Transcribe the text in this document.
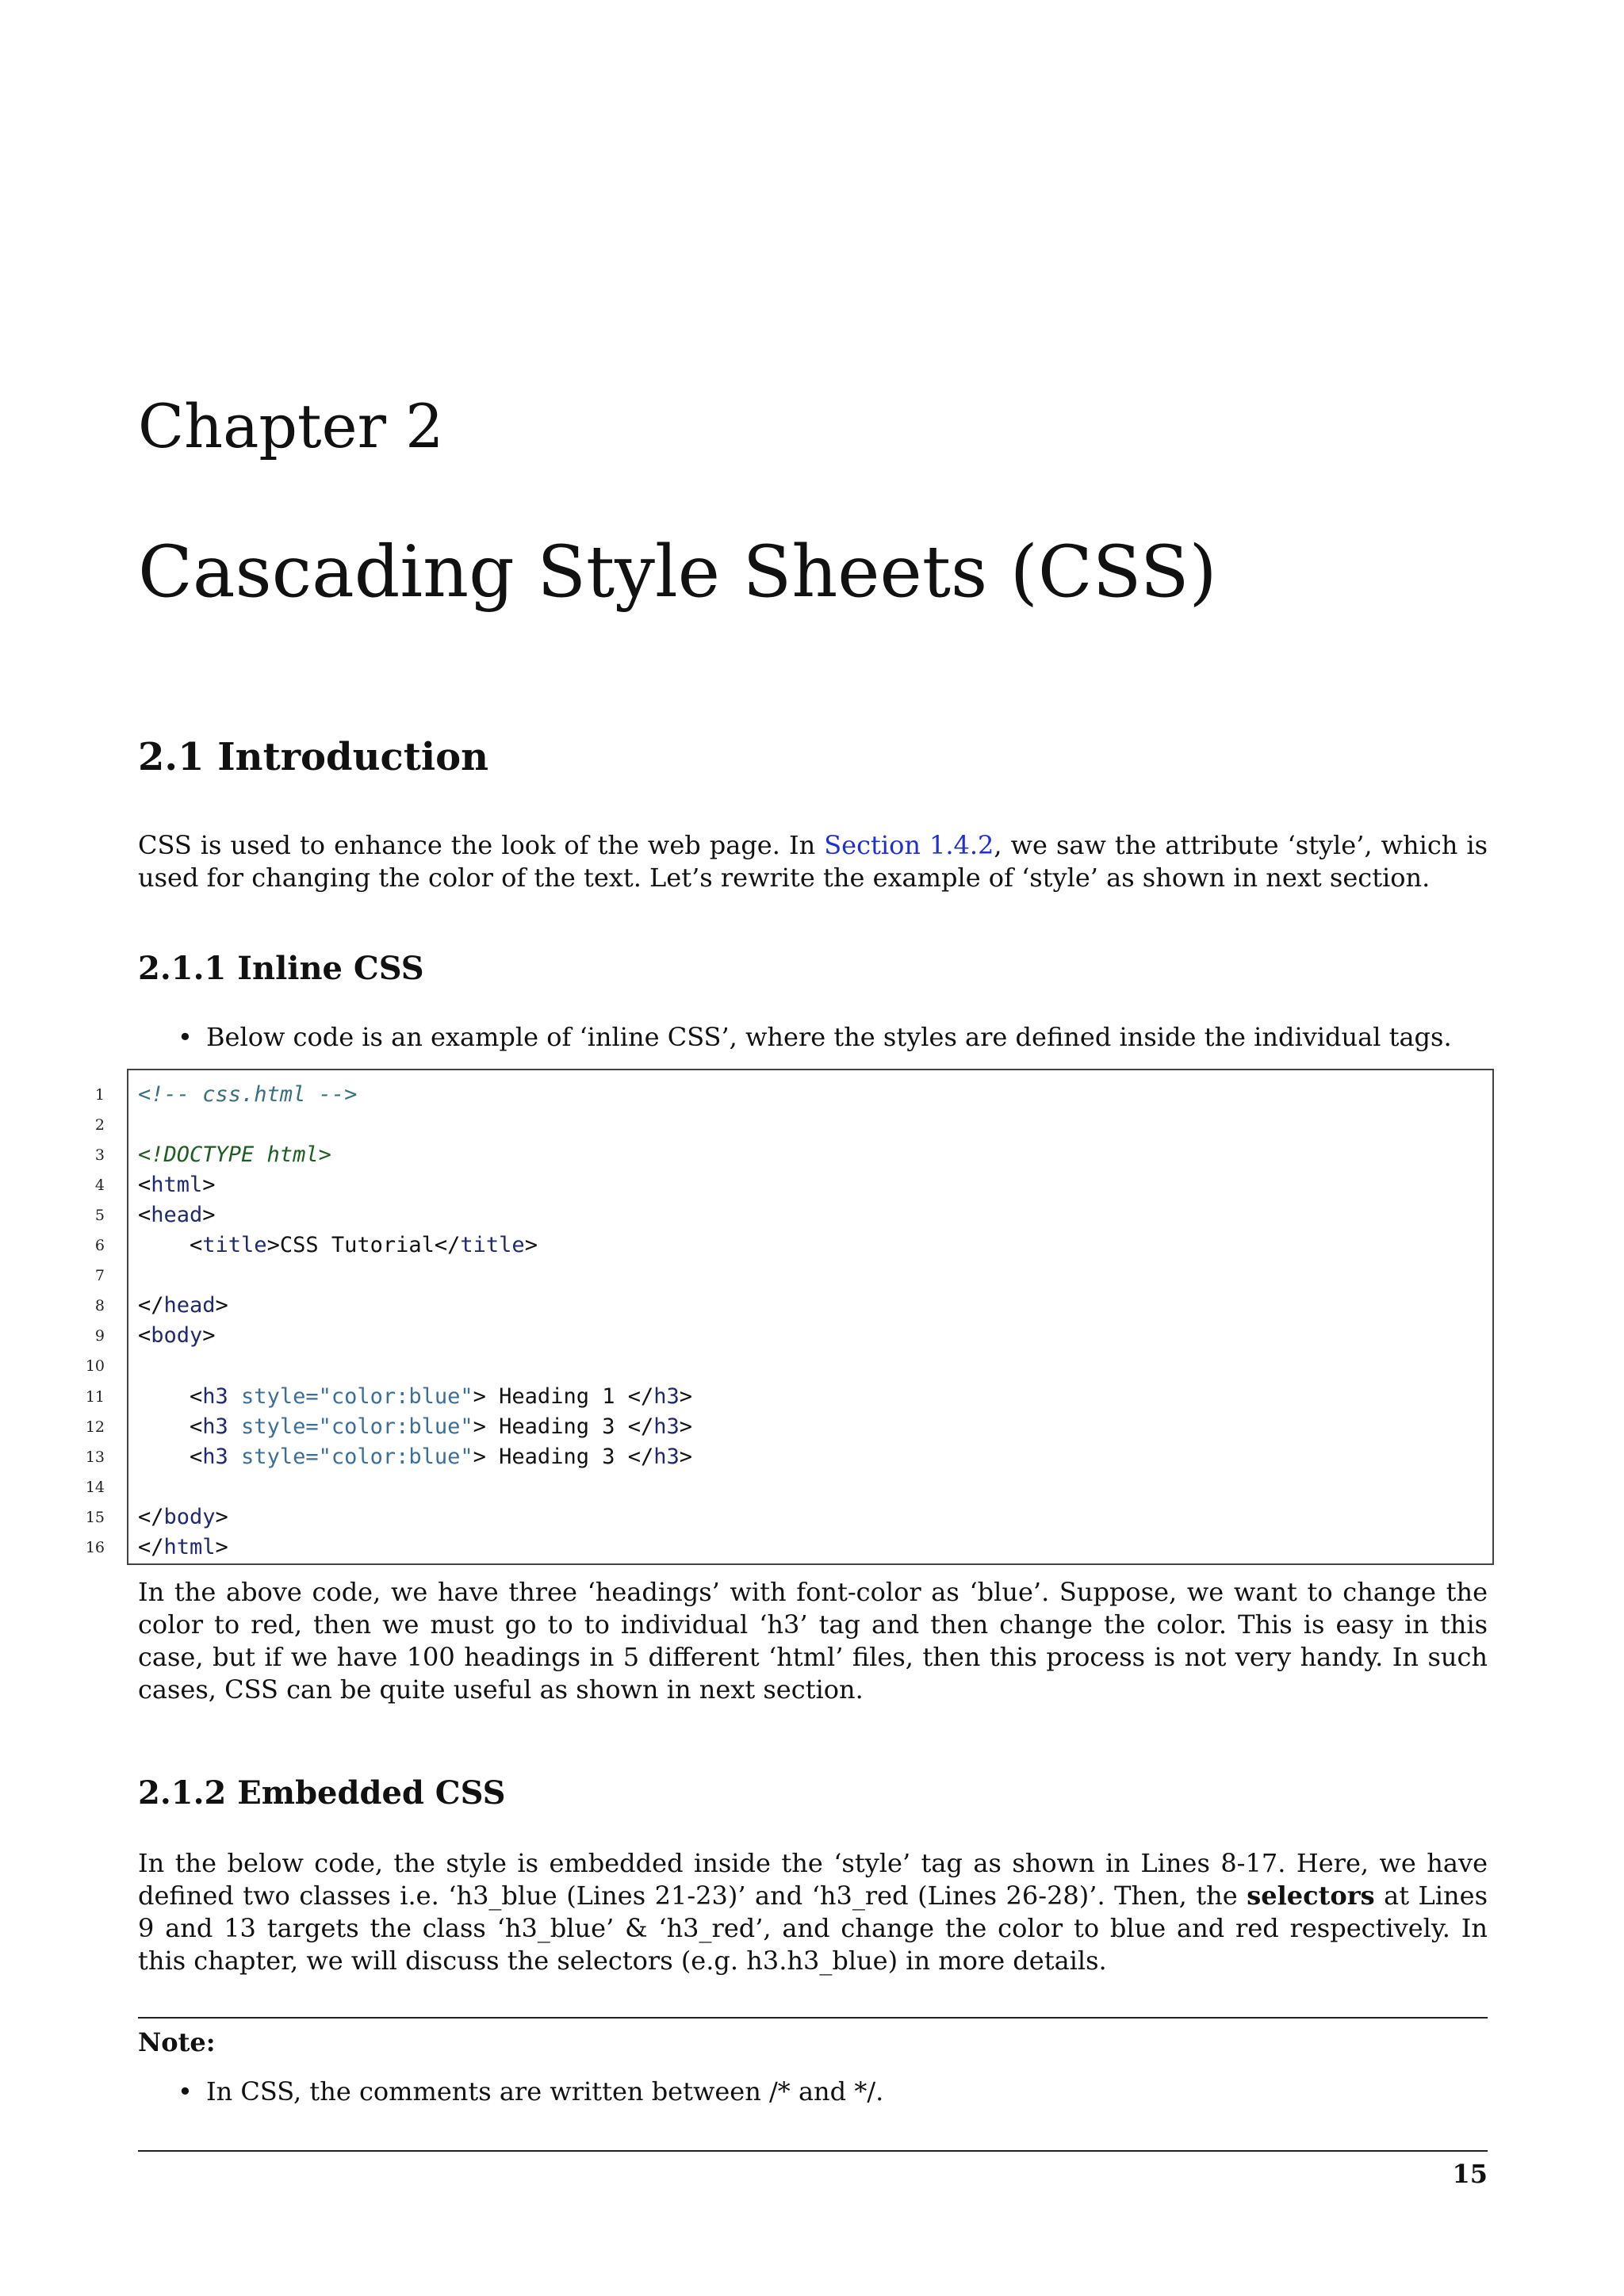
Chapter 2
Cascading Style Sheets (CSS)
2.1 Introduction

CSS is used to enhance the look of the web page. In Section 1.4.2, we saw the attribute ‘style’, which is used for changing the color of the text. Let’s rewrite the example of ‘style’ as shown in next section.

2.1.1 Inline CSS
• Below code is an example of ‘inline CSS’, where the styles are defined inside the individual tags.
1 <!-- css.html -->
2
3 <!DOCTYPE html>
4 <html>
5 <head>
6 <title>CSS Tutorial</title>
7
8 </head>
9 <body>
10
11 <h3 style="color:blue"> Heading 1 </h3>
12 <h3 style="color:blue"> Heading 3 </h3>
13 <h3 style="color:blue"> Heading 3 </h3>
14
15 </body>
16 </html>

In the above code, we have three ‘headings’ with font-color as ‘blue’. Suppose, we want to change the color to red, then we must go to to individual ‘h3’ tag and then change the color. This is easy in this case, but if we have 100 headings in 5 different ‘html’ files, then this process is not very handy. In such cases, CSS can be quite useful as shown in next section.

2.1.2 Embedded CSS

In the below code, the style is embedded inside the ‘style’ tag as shown in Lines 8-17. Here, we have defined two classes i.e. ‘h3_blue (Lines 21-23)’ and ‘h3_red (Lines 26-28)’. Then, the selectors at Lines 9 and 13 targets the class ‘h3_blue’ & ‘h3_red’, and change the color to blue and red respectively. In this chapter, we will discuss the selectors (e.g. h3.h3_blue) in more details.

Note:
• In CSS, the comments are written between /* and */.
15
